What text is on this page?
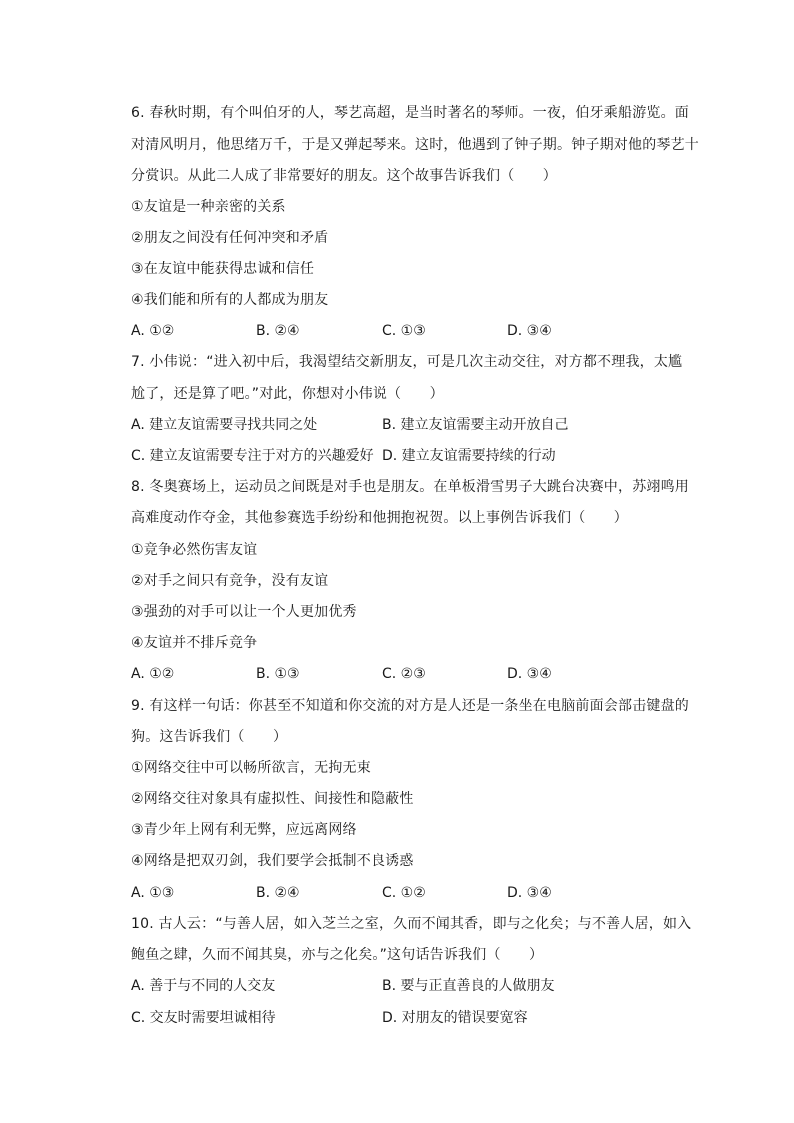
6. 春秋时期，有个叫伯牙的人，琴艺高超，是当时著名的琴师。一夜，伯牙乘船游览。面
对清风明月，他思绪万千，于是又弹起琴来。这时，他遇到了钟子期。钟子期对他的琴艺十
分赏识。从此二人成了非常要好的朋友。这个故事告诉我们（　　）
①友谊是一种亲密的关系
②朋友之间没有任何冲突和矛盾
③在友谊中能获得忠诚和信任
④我们能和所有的人都成为朋友
A. ①②	B. ②④	C. ①③	D. ③④
7. 小伟说：“进入初中后，我渴望结交新朋友，可是几次主动交往，对方都不理我，太尴
尬了，还是算了吧。”对此，你想对小伟说（　　）
A. 建立友谊需要寻找共同之处	B. 建立友谊需要主动开放自己
C. 建立友谊需要专注于对方的兴趣爱好 D. 建立友谊需要持续的行动
8. 冬奥赛场上，运动员之间既是对手也是朋友。在单板滑雪男子大跳台决赛中，苏翊鸣用
高难度动作夺金，其他参赛选手纷纷和他拥抱祝贺。以上事例告诉我们（　　）
①竞争必然伤害友谊
②对手之间只有竞争，没有友谊
③强劲的对手可以让一个人更加优秀
④友谊并不排斥竞争
A. ①②	B. ①③	C. ②③	D. ③④
9. 有这样一句话：你甚至不知道和你交流的对方是人还是一条坐在电脑前面会部击键盘的
狗。这告诉我们（　　）
①网络交往中可以畅所欲言，无拘无束
②网络交往对象具有虚拟性、间接性和隐蔽性
③青少年上网有利无弊，应远离网络
④网络是把双刃剑，我们要学会抵制不良诱惑
A. ①③	B. ②④	C. ①②	D. ③④
10. 古人云：“与善人居，如入芝兰之室，久而不闻其香，即与之化矣；与不善人居，如入
鲍鱼之肆，久而不闻其臭，亦与之化矣。”这句话告诉我们（　　）
A. 善于与不同的人交友	B. 要与正直善良的人做朋友
C. 交友时需要坦诚相待	D. 对朋友的错误要宽容
